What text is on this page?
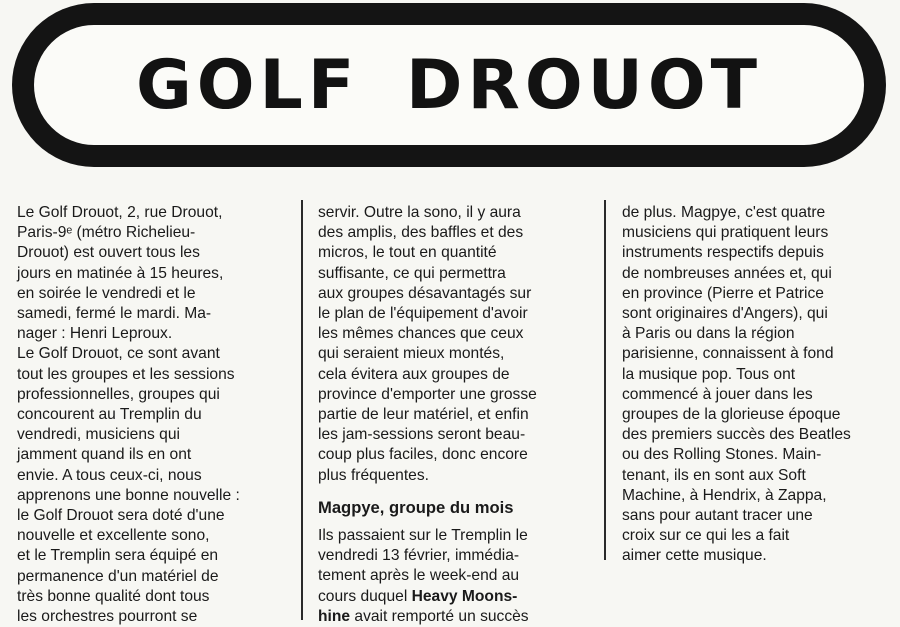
GOLF DROUOT
Le Golf Drouot, 2, rue Drouot,
Paris-9ᵉ (métro Richelieu-
Drouot) est ouvert tous les
jours en matinée à 15 heures,
en soirée le vendredi et le
samedi, fermé le mardi. Ma-
nager : Henri Leproux.
Le Golf Drouot, ce sont avant
tout les groupes et les sessions
professionnelles, groupes qui
concourent au Tremplin du
vendredi, musiciens qui
jamment quand ils en ont
envie. A tous ceux-ci, nous
apprenons une bonne nouvelle :
le Golf Drouot sera doté d'une
nouvelle et excellente sono,
et le Tremplin sera équipé en
permanence d'un matériel de
très bonne qualité dont tous
les orchestres pourront se
servir. Outre la sono, il y aura
des amplis, des baffles et des
micros, le tout en quantité
suffisante, ce qui permettra
aux groupes désavantagés sur
le plan de l'équipement d'avoir
les mêmes chances que ceux
qui seraient mieux montés,
cela évitera aux groupes de
province d'emporter une grosse
partie de leur matériel, et enfin
les jam-sessions seront beau-
coup plus faciles, donc encore
plus fréquentes.
Magpye, groupe du mois
Ils passaient sur le Tremplin le
vendredi 13 février, immédia-
tement après le week-end au
cours duquel Heavy Moons-
hine avait remporté un succès
de plus. Magpye, c'est quatre
musiciens qui pratiquent leurs
instruments respectifs depuis
de nombreuses années et, qui
en province (Pierre et Patrice
sont originaires d'Angers), qui
à Paris ou dans la région
parisienne, connaissent à fond
la musique pop. Tous ont
commencé à jouer dans les
groupes de la glorieuse époque
des premiers succès des Beatles
ou des Rolling Stones. Main-
tenant, ils en sont aux Soft
Machine, à Hendrix, à Zappa,
sans pour autant tracer une
croix sur ce qui les a fait
aimer cette musique.
